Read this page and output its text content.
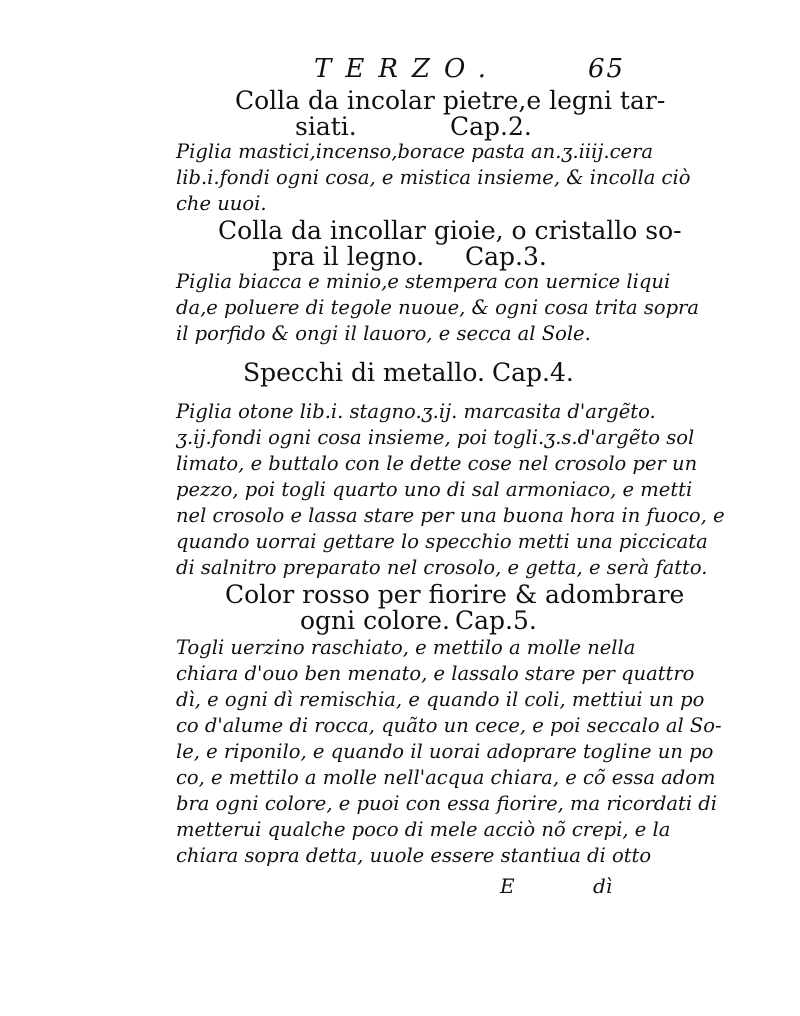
TERZO.	65
Colla da incolar pietre,e legni tar-
siati.	Cap.2.
Piglia mastici,incenso,borace pasta an.ʒ.iiij.cera
lib.i.fondi ogni cosa, e mistica insieme, & incolla ciò
che uuoi.
Colla da incollar gioie, o cristallo so-
pra il legno. Cap.3.
Piglia biacca e minio,e stempera con uernice liqui
da,e poluere di tegole nuoue, & ogni cosa trita sopra
il porfido & ongi il lauoro, e secca al Sole.
Specchi di metallo. Cap.4.
Piglia otone lib.i. stagno.ʒ.ij. marcasita d'argẽto.
ʒ.ij.fondi ogni cosa insieme, poi togli.ʒ.s.d'argẽto sol
limato, e buttalo con le dette cose nel crosolo per un
pezzo, poi togli quarto uno di sal armoniaco, e metti
nel crosolo e lassa stare per una buona hora in fuoco, e
quando uorrai gettare lo specchio metti una piccicata
di salnitro preparato nel crosolo, e getta, e serà fatto.
Color rosso per fiorire & adombrare
ogni colore. Cap.5.
Togli uerzino raschiato, e mettilo a molle nella
chiara d'ouo ben menato, e lassalo stare per quattro
dì, e ogni dì remischia, e quando il coli, mettiui un po
co d'alume di rocca, quãto un cece, e poi seccalo al So-
le, e riponilo, e quando il uorai adoprare togline un po
co, e mettilo a molle nell'acqua chiara, e cõ essa adom
bra ogni colore, e puoi con essa fiorire, ma ricordati di
metterui qualche poco di mele acciò nõ crepi, e la
chiara sopra detta, uuole essere stantiua di otto
E	dì
